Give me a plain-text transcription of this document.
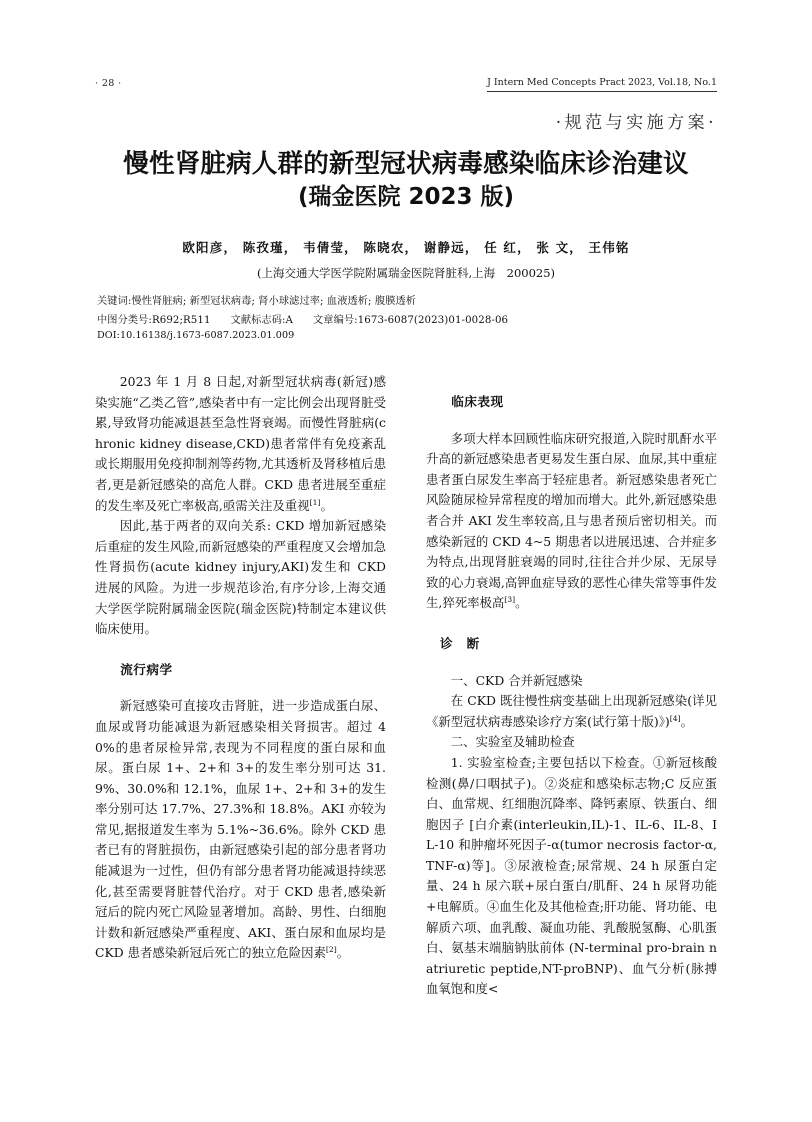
· 28 ·	J Intern Med Concepts Pract 2023, Vol.18, No.1
·规范与实施方案·
慢性肾脏病人群的新型冠状病毒感染临床诊治建议
(瑞金医院 2023 版)
欧阳彦， 陈孜瑾， 韦倩莹， 陈晓农， 谢静远， 任 红， 张 文， 王伟铭
(上海交通大学医学院附属瑞金医院肾脏科,上海　200025)
关键词:慢性肾脏病; 新型冠状病毒; 肾小球滤过率; 血液透析; 腹膜透析
中图分类号:R692;R511 文献标志码:A 文章编号:1673-6087(2023)01-0028-06
DOI:10.16138/j.1673-6087.2023.01.009

2023 年 1 月 8 日起,对新型冠状病毒(新冠)感染实施“乙类乙管”,感染者中有一定比例会出现肾脏受累,导致肾功能减退甚至急性肾衰竭。而慢性肾脏病(chronic kidney disease,CKD)患者常伴有免疫紊乱或长期服用免疫抑制剂等药物,尤其透析及肾移植后患者,更是新冠感染的高危人群。CKD 患者进展至重症的发生率及死亡率极高,亟需关注及重视[1]。

因此,基于两者的双向关系: CKD 增加新冠感染后重症的发生风险,而新冠感染的严重程度又会增加急性肾损伤(acute kidney injury,AKI)发生和 CKD 进展的风险。为进一步规范诊治,有序分诊,上海交通大学医学院附属瑞金医院(瑞金医院)特制定本建议供临床使用。

流行病学

新冠感染可直接攻击肾脏，进一步造成蛋白尿、血尿或肾功能减退为新冠感染相关肾损害。超过 40%的患者尿检异常,表现为不同程度的蛋白尿和血尿。蛋白尿 1+、2+和 3+的发生率分别可达 31.9%、30.0%和 12.1%，血尿 1+、2+和 3+的发生率分别可达 17.7%、27.3%和 18.8%。AKI 亦较为常见,据报道发生率为 5.1%~36.6%。除外 CKD 患者已有的肾脏损伤，由新冠感染引起的部分患者肾功能减退为一过性，但仍有部分患者肾功能减退持续恶化,甚至需要肾脏替代治疗。对于 CKD 患者,感染新冠后的院内死亡风险显著增加。高龄、男性、白细胞计数和新冠感染严重程度、AKI、蛋白尿和血尿均是 CKD 患者感染新冠后死亡的独立危险因素[2]。

临床表现

多项大样本回顾性临床研究报道,入院时肌酐水平升高的新冠感染患者更易发生蛋白尿、血尿,其中重症患者蛋白尿发生率高于轻症患者。新冠感染患者死亡风险随尿检异常程度的增加而增大。此外,新冠感染患者合并 AKI 发生率较高,且与患者预后密切相关。而感染新冠的 CKD 4~5 期患者以进展迅速、合并症多为特点,出现肾脏衰竭的同时,往往合并少尿、无尿导致的心力衰竭,高钾血症导致的恶性心律失常等事件发生,猝死率极高[3]。

诊断

一、CKD 合并新冠感染

在 CKD 既往慢性病变基础上出现新冠感染(详见《新型冠状病毒感染诊疗方案(试行第十版)》)[4]。

二、实验室及辅助检查

1. 实验室检查;主要包括以下检查。①新冠核酸检测(鼻/口咽拭子)。②炎症和感染标志物;C 反应蛋白、血常规、红细胞沉降率、降钙素原、铁蛋白、细胞因子 [白介素(interleukin,IL)-1、IL-6、IL-8、IL-10 和肿瘤坏死因子-α(tumor necrosis factor-α,TNF-α)等]。③尿液检查;尿常规、24 h 尿蛋白定量、24 h 尿六联+尿白蛋白/肌酐、24 h 尿肾功能+电解质。④血生化及其他检查;肝功能、肾功能、电解质六项、血乳酸、凝血功能、乳酸脱氢酶、心肌蛋白、氨基末端脑钠肽前体 (N-terminal pro-brain natriuretic peptide,NT-proBNP)、血气分析(脉搏血氧饱和度<
